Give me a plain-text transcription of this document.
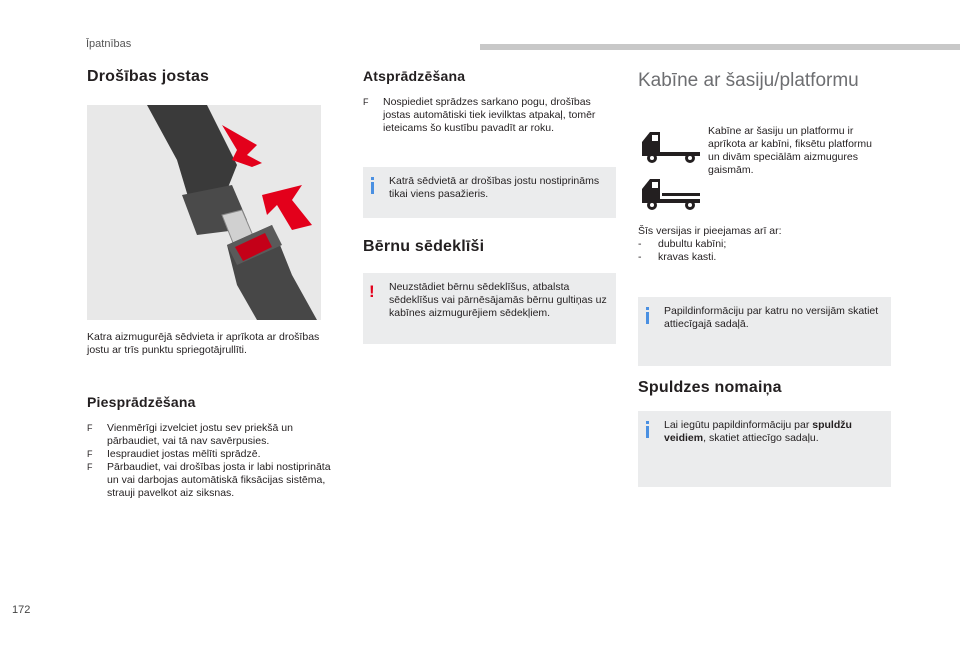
Īpatnības
Drošības jostas

Katra aizmugurējā sēdvieta ir aprīkota ar drošības jostu ar trīs punktu spriegotājrullīti.

Piesprādzēšana
F Vienmērīgi izvelciet jostu sev priekšā un pārbaudiet, vai tā nav savērpusies.
F Iespraudiet jostas mēlīti sprādzē.
F Pārbaudiet, vai drošības josta ir labi nostiprināta un vai darbojas automātiskā fiksācijas sistēma, strauji pavelkot aiz siksnas.
Atsprādzēšana
F Nospiediet sprādzes sarkano pogu, drošības jostas automātiski tiek ievilktas atpakaļ, tomēr ieteicams šo kustību pavadīt ar roku.
Katrā sēdvietā ar drošības jostu nostiprināms tikai viens pasažieris.
Bērnu sēdeklīši
! Neuzstādiet bērnu sēdeklīšus, atbalsta sēdeklīšus vai pārnēsājamās bērnu gultiņas uz kabīnes aizmugurējiem sēdekļiem.
Kabīne ar šasiju/platformu

Kabīne ar šasiju un platformu ir aprīkota ar kabīni, fiksētu platformu un divām speciālām aizmugures gaismām.

Šīs versijas ir pieejamas arī ar:

- dubultu kabīni;
- kravas kasti.
Papildinformāciju par katru no versijām skatiet attiecīgajā sadaļā.
Spuldzes nomaiņa
Lai iegūtu papildinformāciju par spuldžu veidiem, skatiet attiecīgo sadaļu.
172
